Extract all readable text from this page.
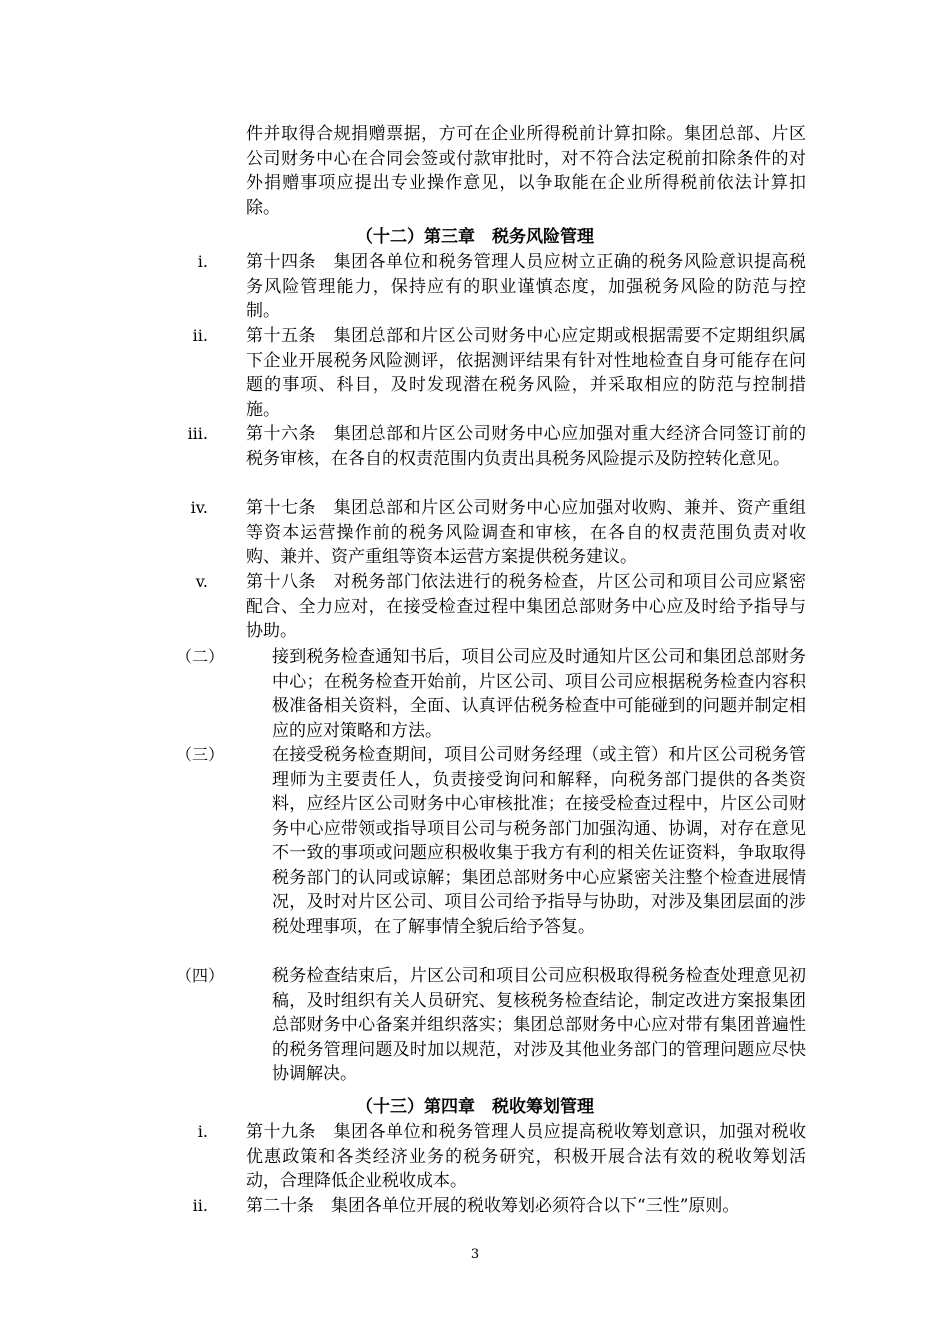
件并取得合规捐赠票据，方可在企业所得税前计算扣除。集团总部、片区公司财务中心在合同会签或付款审批时，对不符合法定税前扣除条件的对外捐赠事项应提出专业操作意见，以争取能在企业所得税前依法计算扣除。
（十二）第三章　税务风险管理
i. 第十四条　集团各单位和税务管理人员应树立正确的税务风险意识提高税务风险管理能力，保持应有的职业谨慎态度，加强税务风险的防范与控制。
ii. 第十五条　集团总部和片区公司财务中心应定期或根据需要不定期组织属下企业开展税务风险测评，依据测评结果有针对性地检查自身可能存在问题的事项、科目，及时发现潜在税务风险，并采取相应的防范与控制措施。
iii. 第十六条　集团总部和片区公司财务中心应加强对重大经济合同签订前的税务审核，在各自的权责范围内负责出具税务风险提示及防控转化意见。
iv. 第十七条　集团总部和片区公司财务中心应加强对收购、兼并、资产重组等资本运营操作前的税务风险调查和审核，在各自的权责范围负责对收购、兼并、资产重组等资本运营方案提供税务建议。
v. 第十八条　对税务部门依法进行的税务检查，片区公司和项目公司应紧密配合、全力应对，在接受检查过程中集团总部财务中心应及时给予指导与协助。
（二）	接到税务检查通知书后，项目公司应及时通知片区公司和集团总部财务中心；在税务检查开始前，片区公司、项目公司应根据税务检查内容积极准备相关资料，全面、认真评估税务检查中可能碰到的问题并制定相应的应对策略和方法。
（三）	在接受税务检查期间，项目公司财务经理（或主管）和片区公司税务管理师为主要责任人，负责接受询问和解释，向税务部门提供的各类资料，应经片区公司财务中心审核批准；在接受检查过程中，片区公司财务中心应带领或指导项目公司与税务部门加强沟通、协调，对存在意见不一致的事项或问题应积极收集于我方有利的相关佐证资料，争取取得税务部门的认同或谅解；集团总部财务中心应紧密关注整个检查进展情况，及时对片区公司、项目公司给予指导与协助，对涉及集团层面的涉税处理事项，在了解事情全貌后给予答复。
（四）	税务检查结束后，片区公司和项目公司应积极取得税务检查处理意见初稿，及时组织有关人员研究、复核税务检查结论，制定改进方案报集团总部财务中心备案并组织落实；集团总部财务中心应对带有集团普遍性的税务管理问题及时加以规范，对涉及其他业务部门的管理问题应尽快协调解决。
（十三）第四章　税收筹划管理
i. 第十九条　集团各单位和税务管理人员应提高税收筹划意识，加强对税收优惠政策和各类经济业务的税务研究，积极开展合法有效的税收筹划活动，合理降低企业税收成本。
ii. 第二十条　集团各单位开展的税收筹划必须符合以下“三性”原则。
3
